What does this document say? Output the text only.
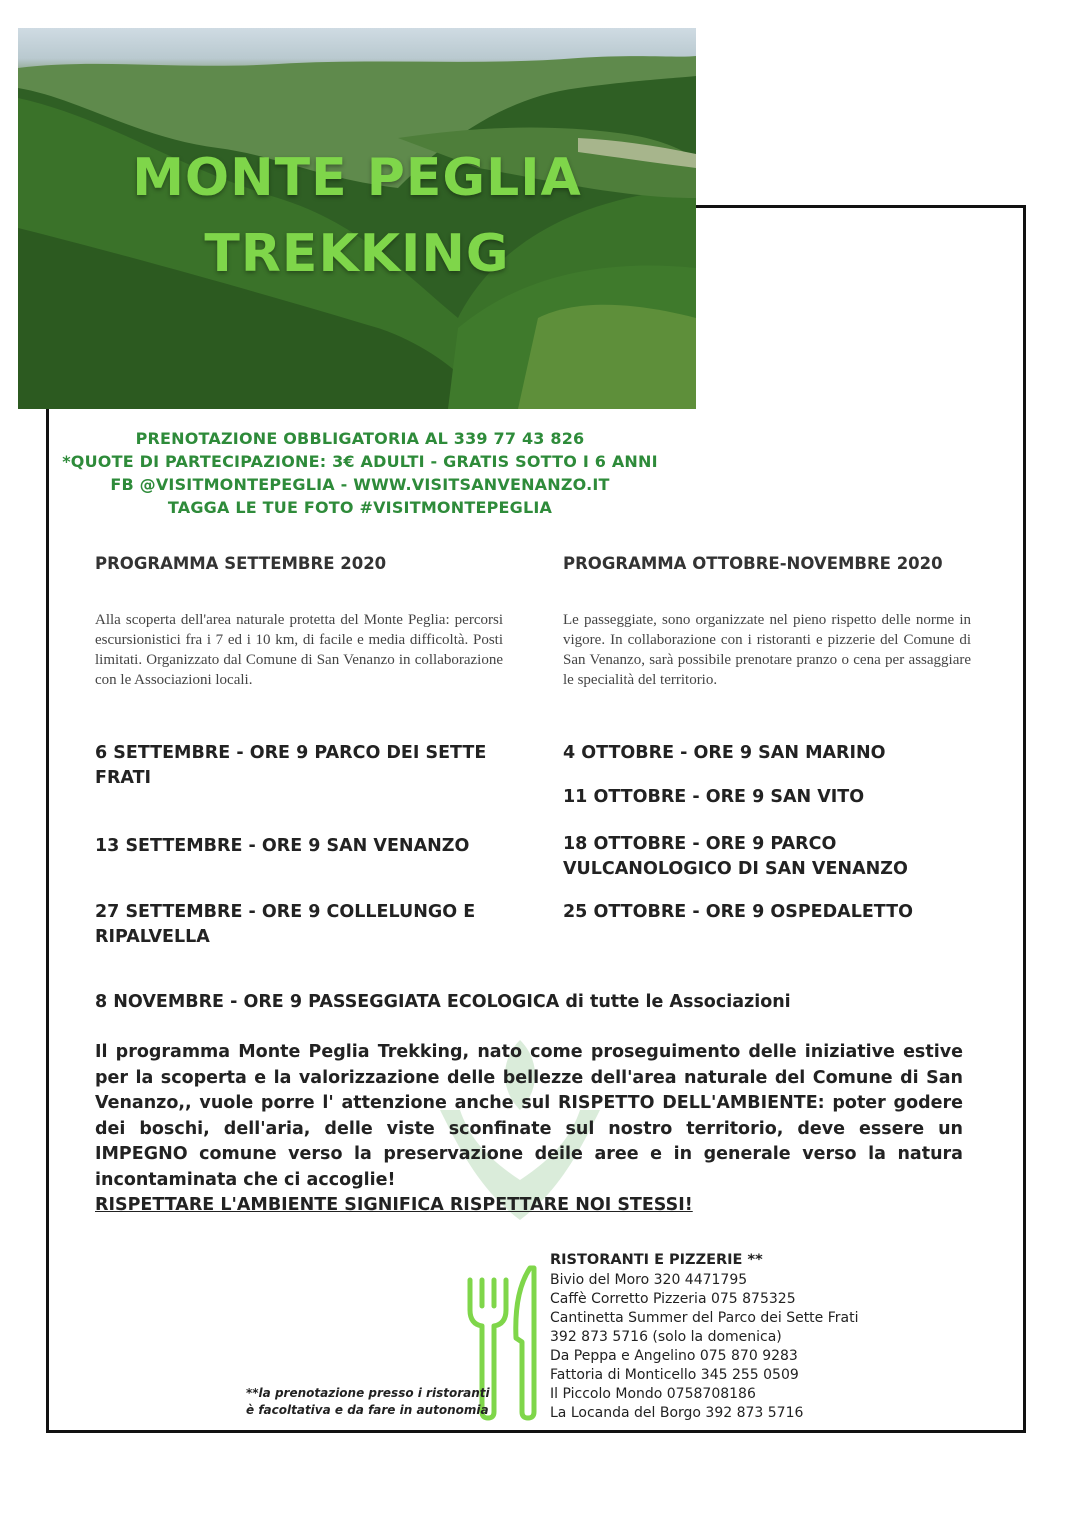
MONTE PEGLIA
TREKKING
PRENOTAZIONE OBBLIGATORIA AL 339 77 43 826
*QUOTE DI PARTECIPAZIONE: 3€ ADULTI - GRATIS SOTTO I 6 ANNI
FB @VISITMONTEPEGLIA - WWW.VISITSANVENANZO.IT
TAGGA LE TUE FOTO #VISITMONTEPEGLIA
PROGRAMMA SETTEMBRE 2020	PROGRAMMA OTTOBRE-NOVEMBRE 2020
Alla scoperta dell'area naturale protetta del Monte Peglia: percorsi escursionistici fra i 7 ed i 10 km, di facile e media difficoltà. Posti limitati. Organizzato dal Comune di San Venanzo in collaborazione con le Associazioni locali.
Le passeggiate, sono organizzate nel pieno rispetto delle norme in vigore. In collaborazione con i ristoranti e pizzerie del Comune di San Venanzo, sarà possibile prenotare pranzo o cena per assaggiare le specialità del territorio.
6 SETTEMBRE - ORE 9 PARCO DEI SETTE FRATI
13 SETTEMBRE - ORE 9 SAN VENANZO
27 SETTEMBRE - ORE 9 COLLELUNGO E RIPALVELLA
4 OTTOBRE - ORE 9 SAN MARINO
11 OTTOBRE - ORE 9 SAN VITO
18 OTTOBRE - ORE 9 PARCO VULCANOLOGICO DI SAN VENANZO
25 OTTOBRE - ORE 9 OSPEDALETTO
8 NOVEMBRE - ORE 9 PASSEGGIATA ECOLOGICA di tutte le Associazioni
Il programma Monte Peglia Trekking, nato come proseguimento delle iniziative estive per la scoperta e la valorizzazione delle bellezze dell'area naturale del Comune di San Venanzo,, vuole porre l' attenzione anche sul RISPETTO DELL'AMBIENTE: poter godere dei boschi, dell'aria, delle viste sconfinate sul nostro territorio, deve essere un IMPEGNO comune verso la preservazione deile aree e in generale verso la natura incontaminata che ci accoglie!
RISPETTARE L'AMBIENTE SIGNIFICA RISPETTARE NOI STESSI!
RISTORANTI E PIZZERIE **
Bivio del Moro 320 4471795
Caffè Corretto Pizzeria 075 875325
Cantinetta Summer del Parco dei Sette Frati
392 873 5716 (solo la domenica)
Da Peppa e Angelino 075 870 9283
Fattoria di Monticello 345 255 0509
Il Piccolo Mondo 0758708186
La Locanda del Borgo 392 873 5716
**la prenotazione presso i ristoranti
è facoltativa e da fare in autonomia
